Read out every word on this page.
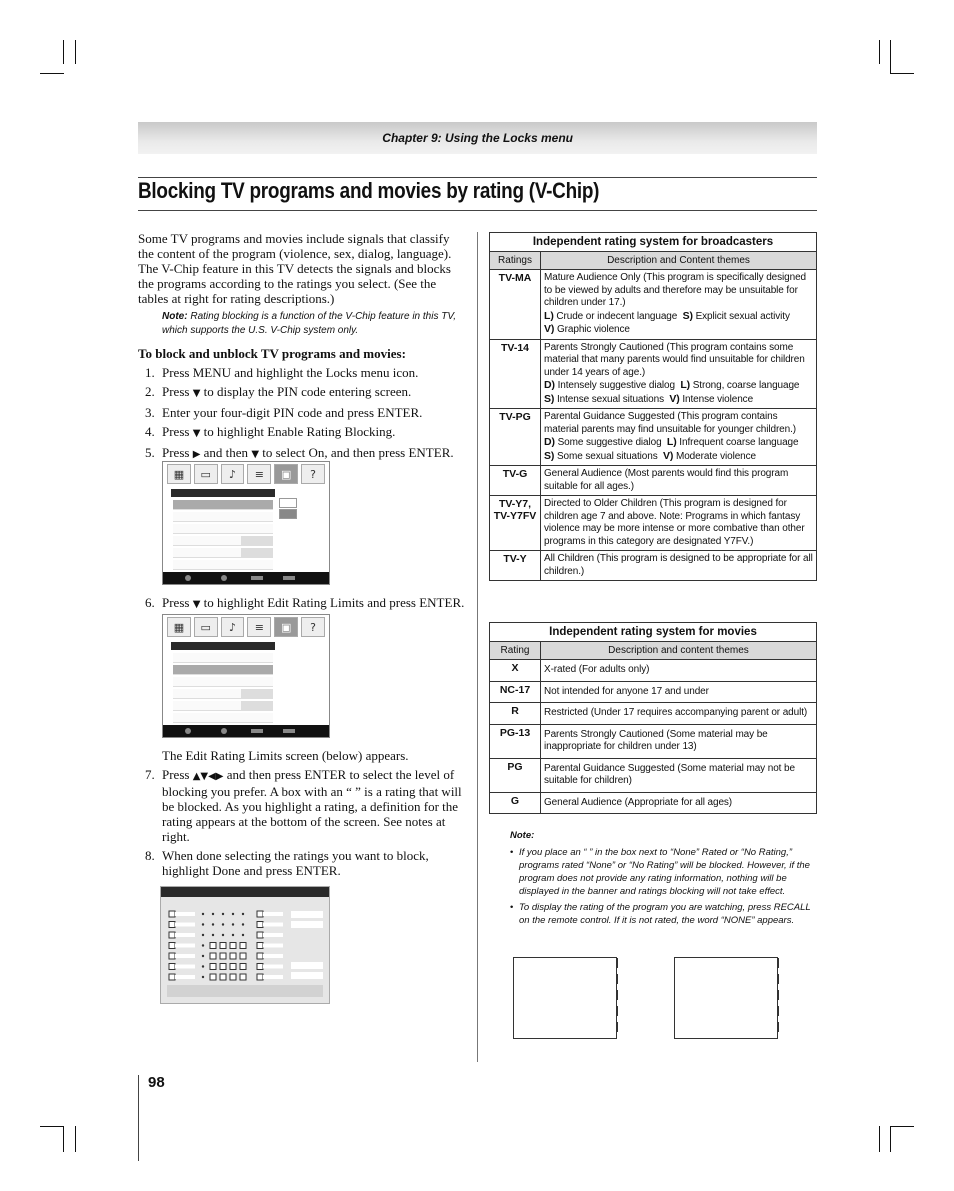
Chapter 9: Using the Locks menu
Blocking TV programs and movies by rating (V-Chip)
Some TV programs and movies include signals that classify the content of the program (violence, sex, dialog, language). The V-Chip feature in this TV detects the signals and blocks the programs according to the ratings you select. (See the tables at right for rating descriptions.)
Note: Rating blocking is a function of the V-Chip feature in this TV, which supports the U.S. V-Chip system only.
To block and unblock TV programs and movies:
1. Press MENU and highlight the Locks menu icon.
2. Press ▼ to display the PIN code entering screen.
3. Enter your four-digit PIN code and press ENTER.
4. Press ▼ to highlight Enable Rating Blocking.
5. Press ▶ and then ▼ to select On, and then press ENTER.
▦	▭	♪	≡	▣	?
6. Press ▼ to highlight Edit Rating Limits and press ENTER.
▦	▭	♪	≡	▣	?
The Edit Rating Limits screen (below) appears.
7. Press ▲▼◀▶ and then press ENTER to select the level of blocking you prefer. A box with an “ ” is a rating that will be blocked. As you highlight a rating, a definition for the rating appears at the bottom of the screen. See notes at right.
8. When done selecting the ratings you want to block, highlight Done and press ENTER.
Independent rating system for broadcasters	
Ratings	Description and Content themes
TV-MA	Mature Audience Only (This program is specifically designed to be viewed by adults and therefore may be unsuitable for children under 17.)
L) Crude or indecent language  S) Explicit sexual activity
V) Graphic violence

TV-14	Parents Strongly Cautioned (This program contains some material that many parents would find unsuitable for children under 14 years of age.)
D) Intensely suggestive dialog  L) Strong, coarse language
S) Intense sexual situations  V) Intense violence

TV-PG	Parental Guidance Suggested (This program contains material parents may find unsuitable for younger children.)
D) Some suggestive dialog  L) Infrequent coarse language
S) Some sexual situations  V) Moderate violence

TV-G	General Audience (Most parents would find this program suitable for all ages.)

TV-Y7, TV-Y7FV	Directed to Older Children (This program is designed for children age 7 and above. Note: Programs in which fantasy violence may be more intense or more combative than other programs in this category are designated Y7FV.)

TV-Y	All Children (This program is designed to be appropriate for all children.)
Independent rating system for movies	
Rating	Description and content themes
X	X-rated (For adults only)
NC-17	Not intended for anyone 17 and under
R	Restricted (Under 17 requires accompanying parent or adult)
PG-13	Parents Strongly Cautioned (Some material may be inappropriate for children under 13)
PG	Parental Guidance Suggested (Some material may not be suitable for children)
G	General Audience (Appropriate for all ages)
Note:
• If you place an “ ” in the box next to “None” Rated or “No Rating,” programs rated “None” or “No Rating” will be blocked. However, if the program does not provide any rating information, nothing will be displayed in the banner and ratings blocking will not take effect.
• To display the rating of the program you are watching, press RECALL on the remote control. If it is not rated, the word “NONE” appears.
98
